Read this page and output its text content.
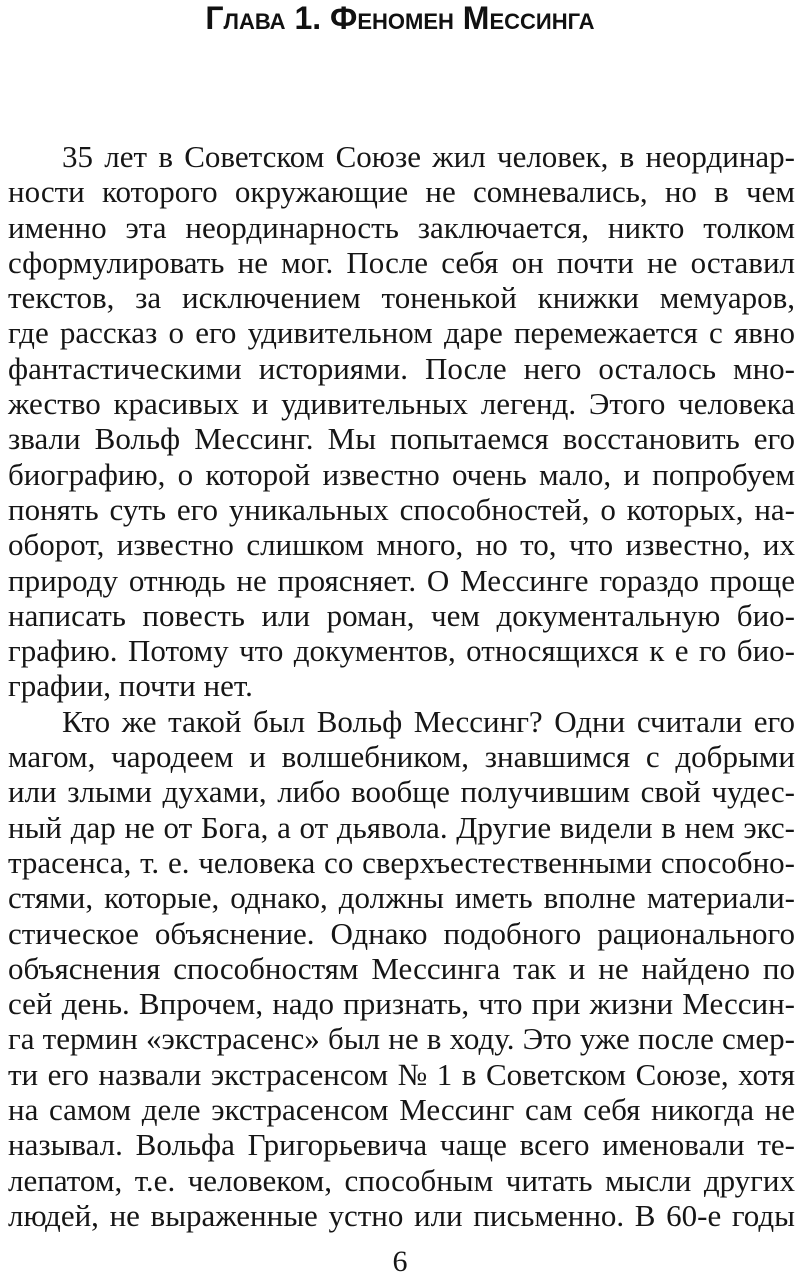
Глава 1. Феномен Мессинга
35 лет в Советском Союзе жил человек, в неординар-
ности которого окружающие не сомневались, но в чем
именно эта неординарность заключается, никто толком
сформулировать не мог. После себя он почти не оставил
текстов, за исключением тоненькой книжки мемуаров,
где рассказ о его удивительном даре перемежается с явно
фантастическими историями. После него осталось мно-
жество красивых и удивительных легенд. Этого человека
звали Вольф Мессинг. Мы попытаемся восстановить его
биографию, о которой известно очень мало, и попробуем
понять суть его уникальных способностей, о которых, на-
оборот, известно слишком много, но то, что известно, их
природу отнюдь не проясняет. О Мессинге гораздо проще
написать повесть или роман, чем документальную био-
графию. Потому что документов, относящихся к е го био-
графии, почти нет.
Кто же такой был Вольф Мессинг? Одни считали его
магом, чародеем и волшебником, знавшимся с добрыми
или злыми духами, либо вообще получившим свой чудес-
ный дар не от Бога, а от дьявола. Другие видели в нем экс-
трасенса, т. е. человека со сверхъестественными способно-
стями, которые, однако, должны иметь вполне материали-
стическое объяснение. Однако подобного рационального
объяснения способностям Мессинга так и не найдено по
сей день. Впрочем, надо признать, что при жизни Мессин-
га термин «экстрасенс» был не в ходу. Это уже после смер-
ти его назвали экстрасенсом № 1 в Советском Союзе, хотя
на самом деле экстрасенсом Мессинг сам себя никогда не
называл. Вольфа Григорьевича чаще всего именовали те-
лепатом, т.е. человеком, способным читать мысли других
людей, не выраженные устно или письменно. В 60-е годы
6
